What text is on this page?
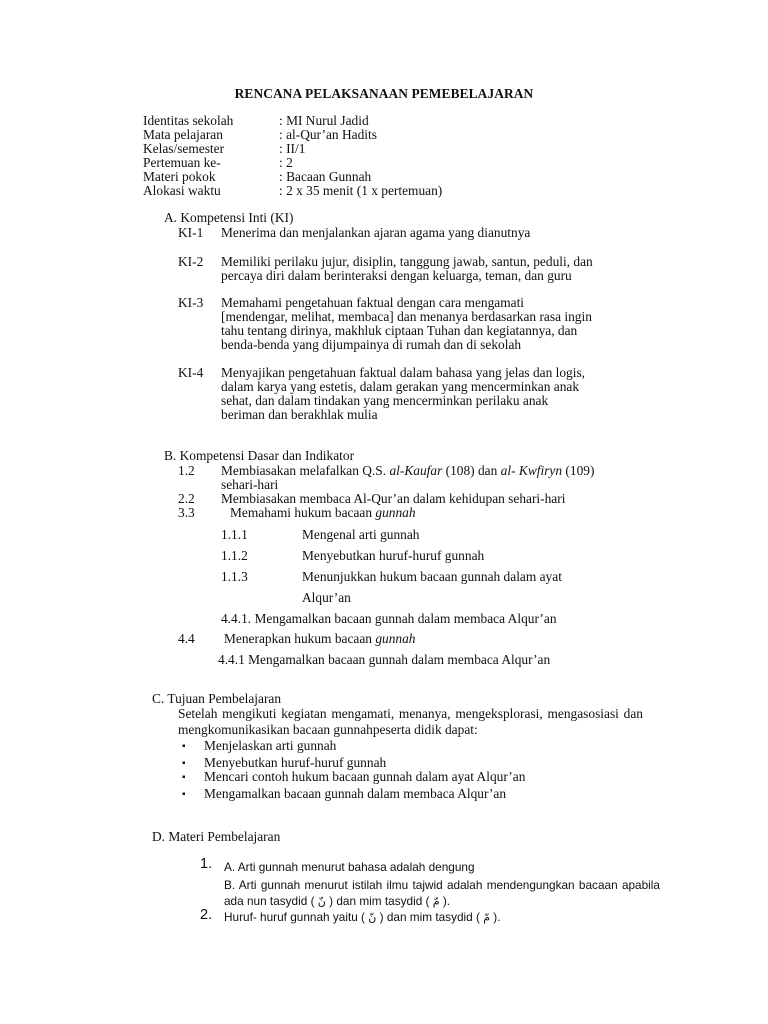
RENCANA PELAKSANAAN PEMEBELAJARAN
Identitas sekolah	: MI Nurul Jadid
Mata pelajaran	: al-Qur’an Hadits
Kelas/semester	: II/1
Pertemuan ke-	: 2
Materi pokok	: Bacaan Gunnah
Alokasi waktu	: 2 x 35 menit (1 x pertemuan)
A. Kompetensi Inti (KI)
KI-1 Menerima dan menjalankan ajaran agama yang dianutnya
KI-2 Memiliki perilaku jujur, disiplin, tanggung jawab, santun, peduli, dan
percaya diri dalam berinteraksi dengan keluarga, teman, dan guru
KI-3 Memahami pengetahuan faktual dengan cara mengamati
[mendengar, melihat, membaca] dan menanya berdasarkan rasa ingin
tahu tentang dirinya, makhluk ciptaan Tuhan dan kegiatannya, dan
benda-benda yang dijumpainya di rumah dan di sekolah
KI-4 Menyajikan pengetahuan faktual dalam bahasa yang jelas dan logis,
dalam karya yang estetis, dalam gerakan yang mencerminkan anak
sehat, dan dalam tindakan yang mencerminkan perilaku anak
beriman dan berakhlak mulia
B. Kompetensi Dasar dan Indikator
1.2 Membiasakan melafalkan Q.S. al-Kaufar (108) dan al- Kwfiryn (109)
sehari-hari
2.2 Membiasakan membaca Al-Qur’an dalam kehidupan sehari-hari
3.3	Memahami hukum bacaan gunnah
1.1.1	Mengenal arti gunnah
1.1.2	Menyebutkan huruf-huruf gunnah
1.1.3	Menunjukkan hukum bacaan gunnah dalam ayat
Alqur’an
4.4.1. Mengamalkan bacaan gunnah dalam membaca Alqur’an
4.4 Menerapkan hukum bacaan gunnah
4.4.1 Mengamalkan bacaan gunnah dalam membaca Alqur’an
C. Tujuan Pembelajaran
Setelah mengikuti kegiatan mengamati, menanya, mengeksplorasi, mengasosiasi dan mengkomunikasikan bacaan gunnahpeserta didik dapat:
▪ Menjelaskan arti gunnah
▪ Menyebutkan huruf-huruf gunnah
▪ Mencari contoh hukum bacaan gunnah dalam ayat Alqur’an
▪ Mengamalkan bacaan gunnah dalam membaca Alqur’an
D. Materi Pembelajaran
1. A. Arti gunnah menurut bahasa adalah dengung
B. Arti gunnah menurut istilah ilmu tajwid adalah mendengungkan bacaan apabila ada nun tasydid ( نّ ) dan mim tasydid ( مّ ).
2. Huruf- huruf gunnah yaitu ( نّ ) dan mim tasydid ( مّ ).
